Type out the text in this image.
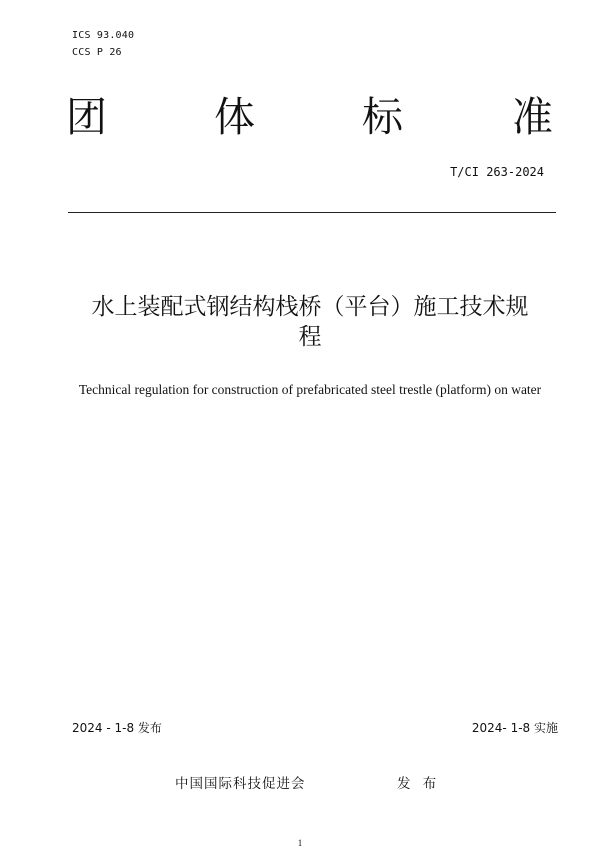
ICS 93.040
CCS P 26
团	体	标	准
T/CI 263-2024
水上装配式钢结构栈桥（平台）施工技术规
程
Technical regulation for construction of prefabricated steel trestle (platform) on water
2024 - 1-8 发布	2024- 1-8 实施
中国国际科技促进会	发 布
1
